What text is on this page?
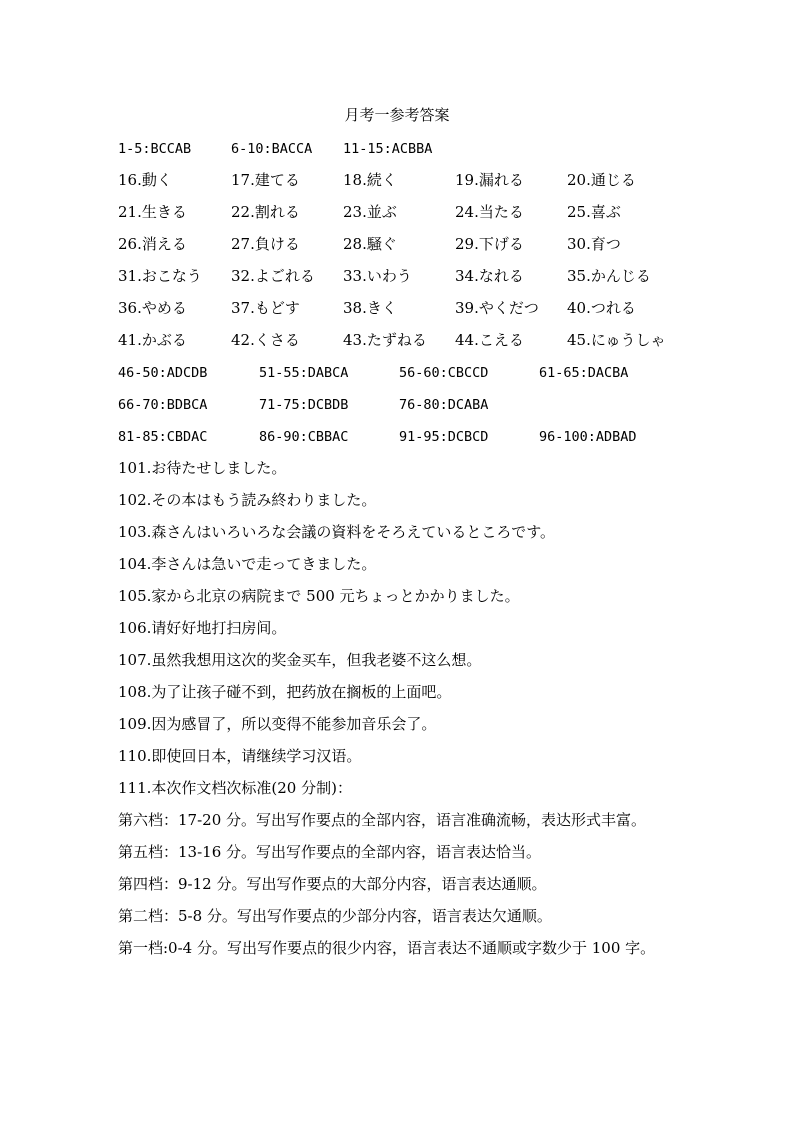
月考一参考答案
1-5:BCCAB	6-10:BACCA 11-15:ACBBA
16.動く	17.建てる	18.続く	19.漏れる	20.通じる
21.生きる	22.割れる	23.並ぶ	24.当たる	25.喜ぶ
26.消える	27.負ける	28.騒ぐ	29.下げる	30.育つ
31.おこなう 32.よごれる 33.いわう	34.なれる	35.かんじる
36.やめる	37.もどす	38.きく	39.やくだつ 40.つれる
41.かぶる	42.くさる	43.たずねる 44.こえる	45.にゅうしゃ
46-50:ADCDB	51-55:DABCA	56-60:CBCCD	61-65:DACBA
66-70:BDBCA	71-75:DCBDB	76-80:DCABA
81-85:CBDAC	86-90:CBBAC	91-95:DCBCD	96-100:ADBAD
101.お待たせしました。
102.その本はもう読み終わりました。
103.森さんはいろいろな会議の資料をそろえているところです。
104.李さんは急いで走ってきました。
105.家から北京の病院まで 500 元ちょっとかかりました。
106.请好好地打扫房间。
107.虽然我想用这次的奖金买车，但我老婆不这么想。
108.为了让孩子碰不到，把药放在搁板的上面吧。
109.因为感冒了，所以变得不能参加音乐会了。
110.即使回日本，请继续学习汉语。
111.本次作文档次标准(20 分制)：
第六档：17-20 分。写出写作要点的全部内容，语言准确流畅，表达形式丰富。
第五档：13-16 分。写出写作要点的全部内容，语言表达恰当。
第四档：9-12 分。写出写作要点的大部分内容，语言表达通顺。
第二档：5-8 分。写出写作要点的少部分内容，语言表达欠通顺。
第一档:0-4 分。写出写作要点的很少内容，语言表达不通顺或字数少于 100 字。
